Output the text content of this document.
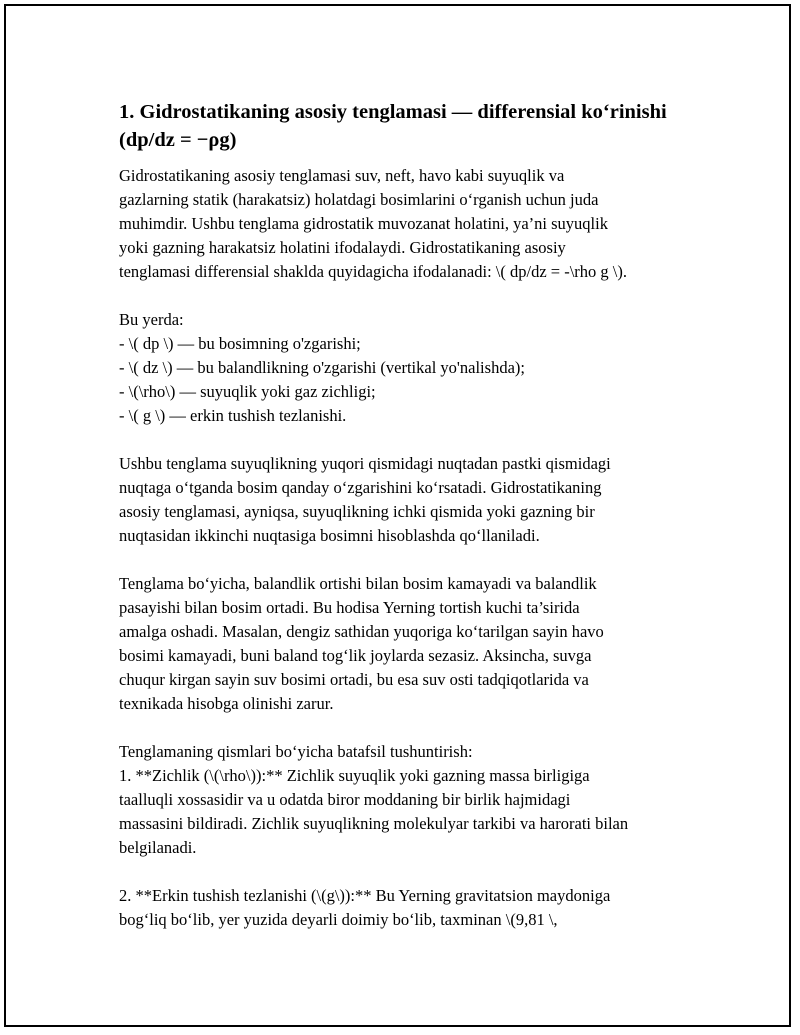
1. Gidrostatikaning asosiy tenglamasi — differensial ko‘rinishi
(dp/dz = −ρg)

Gidrostatikaning asosiy tenglamasi suv, neft, havo kabi suyuqlik va
gazlarning statik (harakatsiz) holatdagi bosimlarini o‘rganish uchun juda
muhimdir. Ushbu tenglama gidrostatik muvozanat holatini, ya’ni suyuqlik
yoki gazning harakatsiz holatini ifodalaydi. Gidrostatikaning asosiy
tenglamasi differensial shaklda quyidagicha ifodalanadi: \( dp/dz = -\rho g \).

Bu yerda:
- \( dp \) — bu bosimning o'zgarishi;
- \( dz \) — bu balandlikning o'zgarishi (vertikal yo'nalishda);
- \(\rho\) — suyuqlik yoki gaz zichligi;
- \( g \) — erkin tushish tezlanishi.

Ushbu tenglama suyuqlikning yuqori qismidagi nuqtadan pastki qismidagi
nuqtaga o‘tganda bosim qanday o‘zgarishini ko‘rsatadi. Gidrostatikaning
asosiy tenglamasi, ayniqsa, suyuqlikning ichki qismida yoki gazning bir
nuqtasidan ikkinchi nuqtasiga bosimni hisoblashda qo‘llaniladi.

Tenglama bo‘yicha, balandlik ortishi bilan bosim kamayadi va balandlik
pasayishi bilan bosim ortadi. Bu hodisa Yerning tortish kuchi ta’sirida
amalga oshadi. Masalan, dengiz sathidan yuqoriga ko‘tarilgan sayin havo
bosimi kamayadi, buni baland tog‘lik joylarda sezasiz. Aksincha, suvga
chuqur kirgan sayin suv bosimi ortadi, bu esa suv osti tadqiqotlarida va
texnikada hisobga olinishi zarur.

Tenglamaning qismlari bo‘yicha batafsil tushuntirish:
1. **Zichlik (\(\rho\)):** Zichlik suyuqlik yoki gazning massa birligiga
taalluqli xossasidir va u odatda biror moddaning bir birlik hajmidagi
massasini bildiradi. Zichlik suyuqlikning molekulyar tarkibi va harorati bilan
belgilanadi.

2. **Erkin tushish tezlanishi (\(g\)):** Bu Yerning gravitatsion maydoniga
bog‘liq bo‘lib, yer yuzida deyarli doimiy bo‘lib, taxminan \(9,81 \,
